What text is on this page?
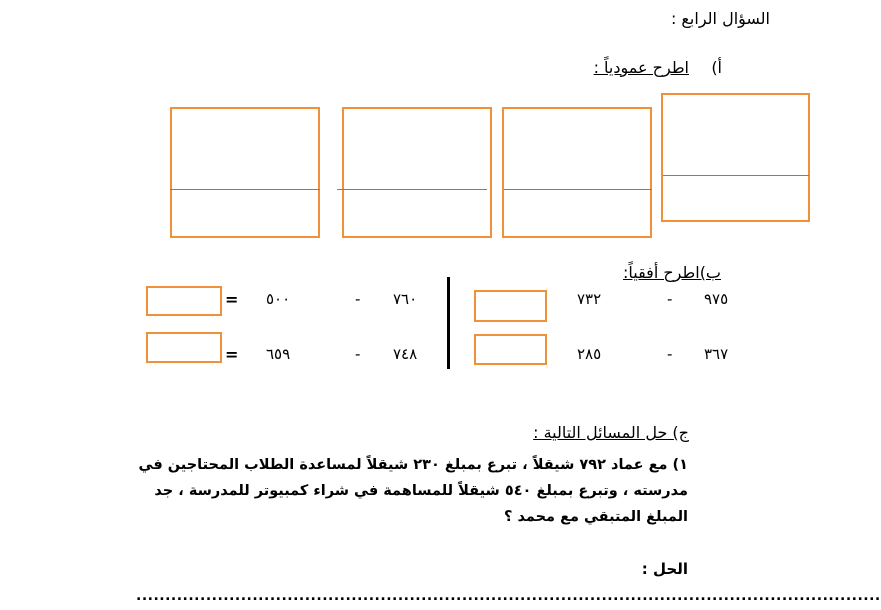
السؤال الرابع :
أ)
اطرح عمودياً :
ب)اطرح أفقياً:
٩٧٥
-
٧٣٢
٣٦٧
-
٢٨٥
٧٦٠
-
٥٠٠
=
٧٤٨
-
٦٥٩
=
ج) حل المسائل التالية :
١) مع عماد ٧٩٢ شيقلاً ، تبرع بمبلغ ٢٣٠ شيقلاً لمساعدة الطلاب المحتاجين في
مدرسته ، وتبرع بمبلغ ٥٤٠ شيقلاً للمساهمة في شراء كمبيوتر للمدرسة ، جد
المبلغ المتبقي مع محمد ؟
الحل :
................................................................................................................................
